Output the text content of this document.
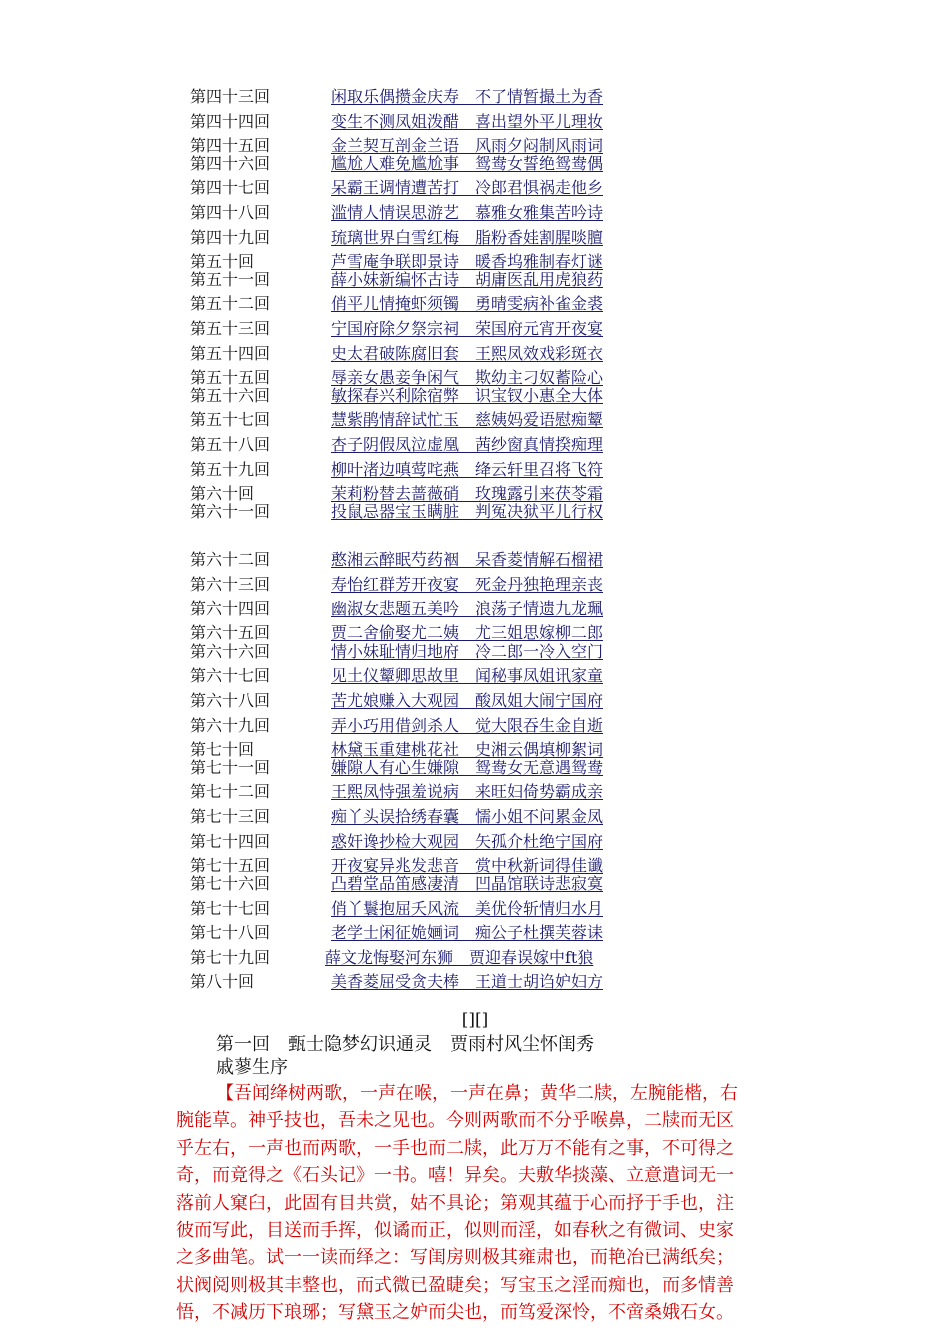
第四十三回	闲取乐偶攒金庆寿　不了情暂撮土为香
第四十四回	变生不测凤姐泼醋　喜出望外平儿理妆
第四十五回	金兰契互剖金兰语　风雨夕闷制风雨词
第四十六回	尴尬人难免尴尬事　鸳鸯女誓绝鸳鸯偶
第四十七回	呆霸王调情遭苦打　冷郎君惧祸走他乡
第四十八回	滥情人情误思游艺　慕雅女雅集苦吟诗
第四十九回	琉璃世界白雪红梅　脂粉香娃割腥啖膻
第五十回	芦雪庵争联即景诗　暖香坞雅制春灯谜
第五十一回	薛小妹新编怀古诗　胡庸医乱用虎狼药
第五十二回	俏平儿情掩虾须镯　勇晴雯病补雀金裘
第五十三回	宁国府除夕祭宗祠　荣国府元宵开夜宴
第五十四回	史太君破陈腐旧套　王熙凤效戏彩斑衣
第五十五回	辱亲女愚妾争闲气　欺幼主刁奴蓄险心
第五十六回	敏探春兴利除宿弊　识宝钗小惠全大体
第五十七回	慧紫鹃情辞试忙玉　慈姨妈爱语慰痴颦
第五十八回	杏子阴假凤泣虚凰　茜纱窗真情揆痴理
第五十九回	柳叶渚边嗔莺咤燕　绛云轩里召将飞符
第六十回	茉莉粉替去蔷薇硝　玫瑰露引来茯苓霜
第六十一回	投鼠忌器宝玉瞒脏　判冤决狱平儿行权
第六十二回	憨湘云醉眠芍药裀　呆香菱情解石榴裙
第六十三回	寿怡红群芳开夜宴　死金丹独艳理亲丧
第六十四回	幽淑女悲题五美吟　浪荡子情遗九龙珮
第六十五回	贾二舍偷娶尤二姨　尤三姐思嫁柳二郎
第六十六回	情小妹耻情归地府　冷二郎一冷入空门
第六十七回	见土仪颦卿思故里　闻秘事凤姐讯家童
第六十八回	苦尤娘赚入大观园　酸凤姐大闹宁国府
第六十九回	弄小巧用借剑杀人　觉大限吞生金自逝
第七十回	林黛玉重建桃花社　史湘云偶填柳絮词
第七十一回	嫌隙人有心生嫌隙　鸳鸯女无意遇鸳鸯
第七十二回	王熙凤恃强羞说病　来旺妇倚势霸成亲
第七十三回	痴丫头误拾绣春囊　懦小姐不问累金凤
第七十四回	惑奸谗抄检大观园　矢孤介杜绝宁国府
第七十五回	开夜宴异兆发悲音　赏中秋新词得佳谶
第七十六回	凸碧堂品笛感凄清　凹晶馆联诗悲寂寞
第七十七回	俏丫鬟抱屈夭风流　美优伶斩情归水月
第七十八回	老学士闲征姽婳词　痴公子杜撰芙蓉诔
第七十九回	薛文龙悔娶河东狮　贾迎春误嫁中ft狼
第八十回	美香菱屈受贪夫棒　王道士胡诌妒妇方
[][]
第一回　甄士隐梦幻识通灵　贾雨村风尘怀闺秀
戚蓼生序
【吾闻绛树两歌，一声在喉，一声在鼻；黄华二牍，左腕能楷，右
腕能草。神乎技也，吾未之见也。今则两歌而不分乎喉鼻，二牍而无区
乎左右，一声也而两歌，一手也而二牍，此万万不能有之事，不可得之
奇，而竟得之《石头记》一书。嘻！异矣。夫敷华掞藻、立意遣词无一
落前人窠臼，此固有目共赏，姑不具论；第观其蕴于心而抒于手也，注
彼而写此，目送而手挥，似谲而正，似则而淫，如春秋之有微词、史家
之多曲笔。试一一读而绎之：写闺房则极其雍肃也，而艳冶已满纸矣；
状阀阅则极其丰整也，而式微已盈睫矣；写宝玉之淫而痴也，而多情善
悟，不减历下琅琊；写黛玉之妒而尖也，而笃爱深怜，不啻桑娥石女。
